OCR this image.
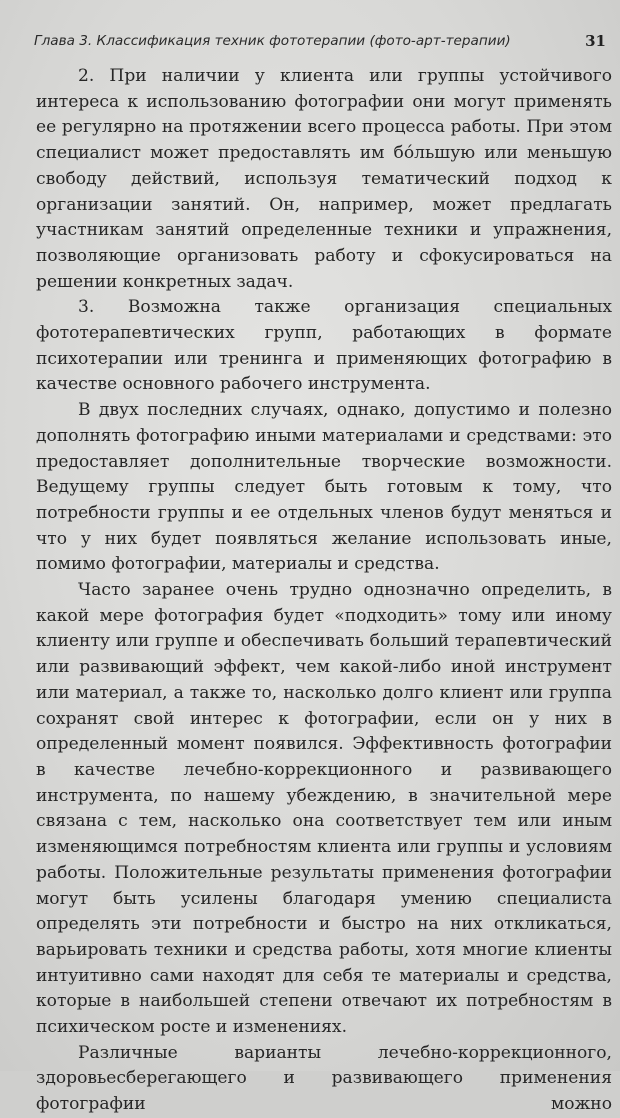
Глава 3. Классификация техник фототерапии (фото-арт-терапии)	31

2. При наличии у клиента или группы устойчивого интереса к использованию фотографии они могут применять ее регулярно на протяжении всего процесса работы. При этом специалист может предоставлять им бо́льшую или меньшую свободу действий, используя тематический подход к организации занятий. Он, например, может предлагать участникам занятий определенные техники и упражнения, позволяющие организовать работу и сфокусироваться на решении конкретных задач.

3. Возможна также организация специальных фототерапевтических групп, работающих в формате психотерапии или тренинга и применяющих фотографию в качестве основного рабочего инструмента.

В двух последних случаях, однако, допустимо и полезно дополнять фотографию иными материалами и средствами: это предоставляет дополнительные творческие возможности. Ведущему группы следует быть готовым к тому, что потребности группы и ее отдельных членов будут меняться и что у них будет появляться желание использовать иные, помимо фотографии, материалы и средства.

Часто заранее очень трудно однозначно определить, в какой мере фотография будет «подходить» тому или иному клиенту или группе и обеспечивать больший терапевтический или развивающий эффект, чем какой-либо иной инструмент или материал, а также то, насколько долго клиент или группа сохранят свой интерес к фотографии, если он у них в определенный момент появился. Эффективность фотографии в качестве лечебно-коррекционного и развивающего инструмента, по нашему убеждению, в значительной мере связана с тем, насколько она соответствует тем или иным изменяющимся потребностям клиента или группы и условиям работы. Положительные результаты применения фотографии могут быть усилены благодаря умению специалиста определять эти потребности и быстро на них откликаться, варьировать техники и средства работы, хотя многие клиенты интуитивно сами находят для себя те материалы и средства, которые в наибольшей степени отвечают их потребностям в психическом росте и изменениях.

Различные варианты лечебно-коррекционного, здоровьесберегающего и развивающего применения фотографии можно
